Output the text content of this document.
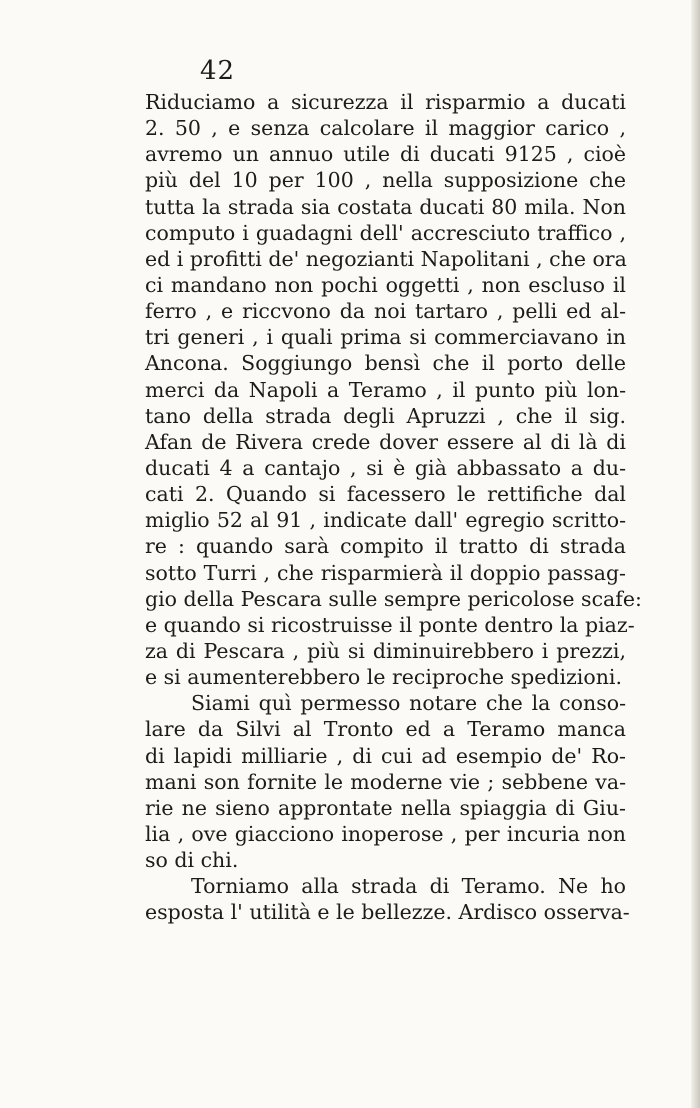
42
Riduciamo a sicurezza il risparmio a ducati
2. 50 , e senza calcolare il maggior carico ,
avremo un annuo utile di ducati 9125 , cioè
più del 10 per 100 , nella supposizione che
tutta la strada sia costata ducati 80 mila. Non
computo i guadagni dell' accresciuto traffico ,
ed i profitti de' negozianti Napolitani , che ora
ci mandano non pochi oggetti , non escluso il
ferro , e riccvono da noi tartaro , pelli ed al-
tri generi , i quali prima si commerciavano in
Ancona. Soggiungo bensì che il porto delle
merci da Napoli a Teramo , il punto più lon-
tano della strada degli Apruzzi , che il sig.
Afan de Rivera crede dover essere al di là di
ducati 4 a cantajo , si è già abbassato a du-
cati 2. Quando si facessero le rettifiche dal
miglio 52 al 91 , indicate dall' egregio scritto-
re : quando sarà compito il tratto di strada
sotto Turri , che risparmierà il doppio passag-
gio della Pescara sulle sempre pericolose scafe:
e quando si ricostruisse il ponte dentro la piaz-
za di Pescara , più si diminuirebbero i prezzi,
e si aumenterebbero le reciproche spedizioni.
Siami quì permesso notare che la conso-
lare da Silvi al Tronto ed a Teramo manca
di lapidi milliarie , di cui ad esempio de' Ro-
mani son fornite le moderne vie ; sebbene va-
rie ne sieno approntate nella spiaggia di Giu-
lia , ove giacciono inoperose , per incuria non
so di chi.
Torniamo alla strada di Teramo. Ne ho
esposta l' utilità e le bellezze. Ardisco osserva-
